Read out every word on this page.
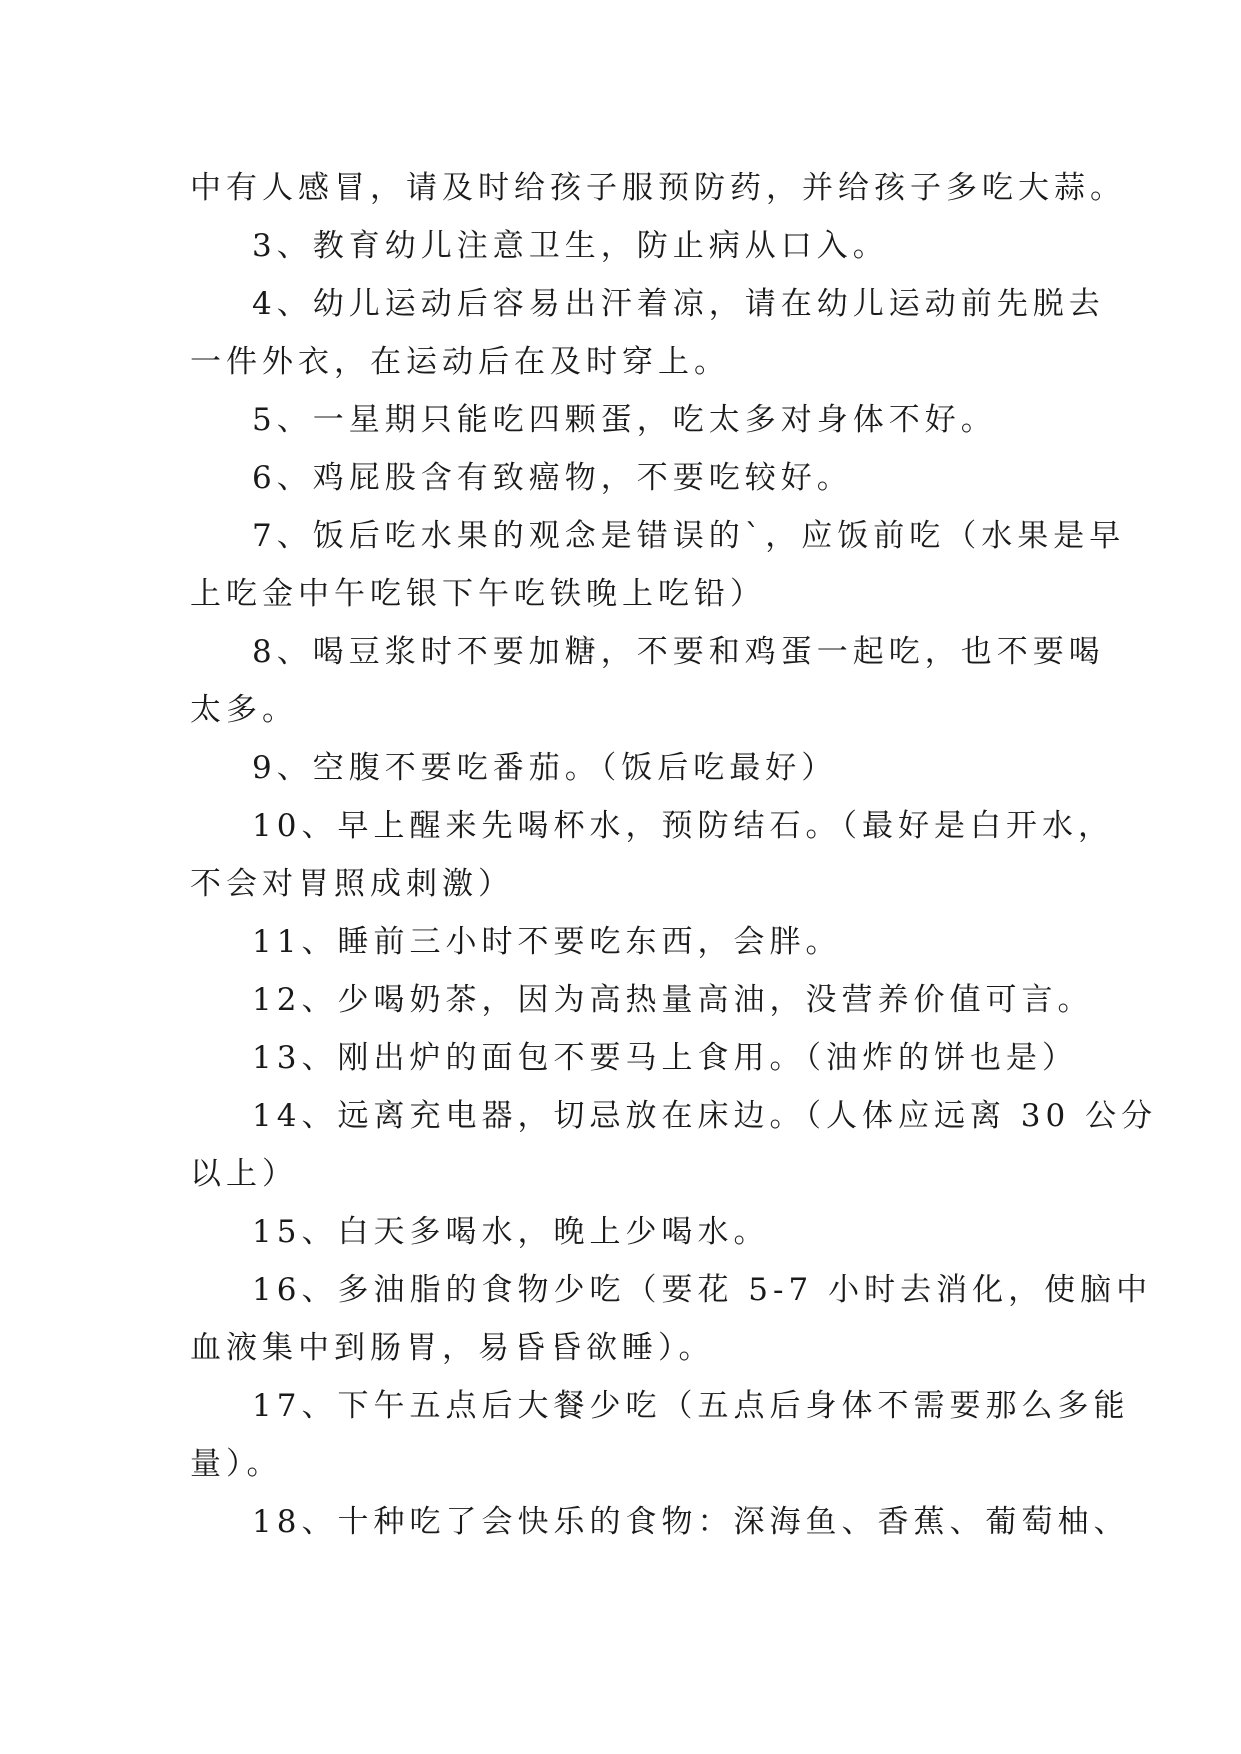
中有人感冒，请及时给孩子服预防药，并给孩子多吃大蒜。
3、教育幼儿注意卫生，防止病从口入。
4、幼儿运动后容易出汗着凉，请在幼儿运动前先脱去
一件外衣，在运动后在及时穿上。
5、一星期只能吃四颗蛋，吃太多对身体不好。
6、鸡屁股含有致癌物，不要吃较好。
7、饭后吃水果的观念是错误的`，应饭前吃（水果是早
上吃金中午吃银下午吃铁晚上吃铅）
8、喝豆浆时不要加糖，不要和鸡蛋一起吃，也不要喝
太多。
9、空腹不要吃番茄。（饭后吃最好）
10、早上醒来先喝杯水，预防结石。（最好是白开水，
不会对胃照成刺激）
11、睡前三小时不要吃东西，会胖。
12、少喝奶茶，因为高热量高油，没营养价值可言。
13、刚出炉的面包不要马上食用。（油炸的饼也是）
14、远离充电器，切忌放在床边。（人体应远离 30 公分
以上）
15、白天多喝水，晚上少喝水。
16、多油脂的食物少吃（要花 5-7 小时去消化，使脑中
血液集中到肠胃，易昏昏欲睡）。
17、下午五点后大餐少吃（五点后身体不需要那么多能
量）。
18、十种吃了会快乐的食物：深海鱼、香蕉、葡萄柚、
